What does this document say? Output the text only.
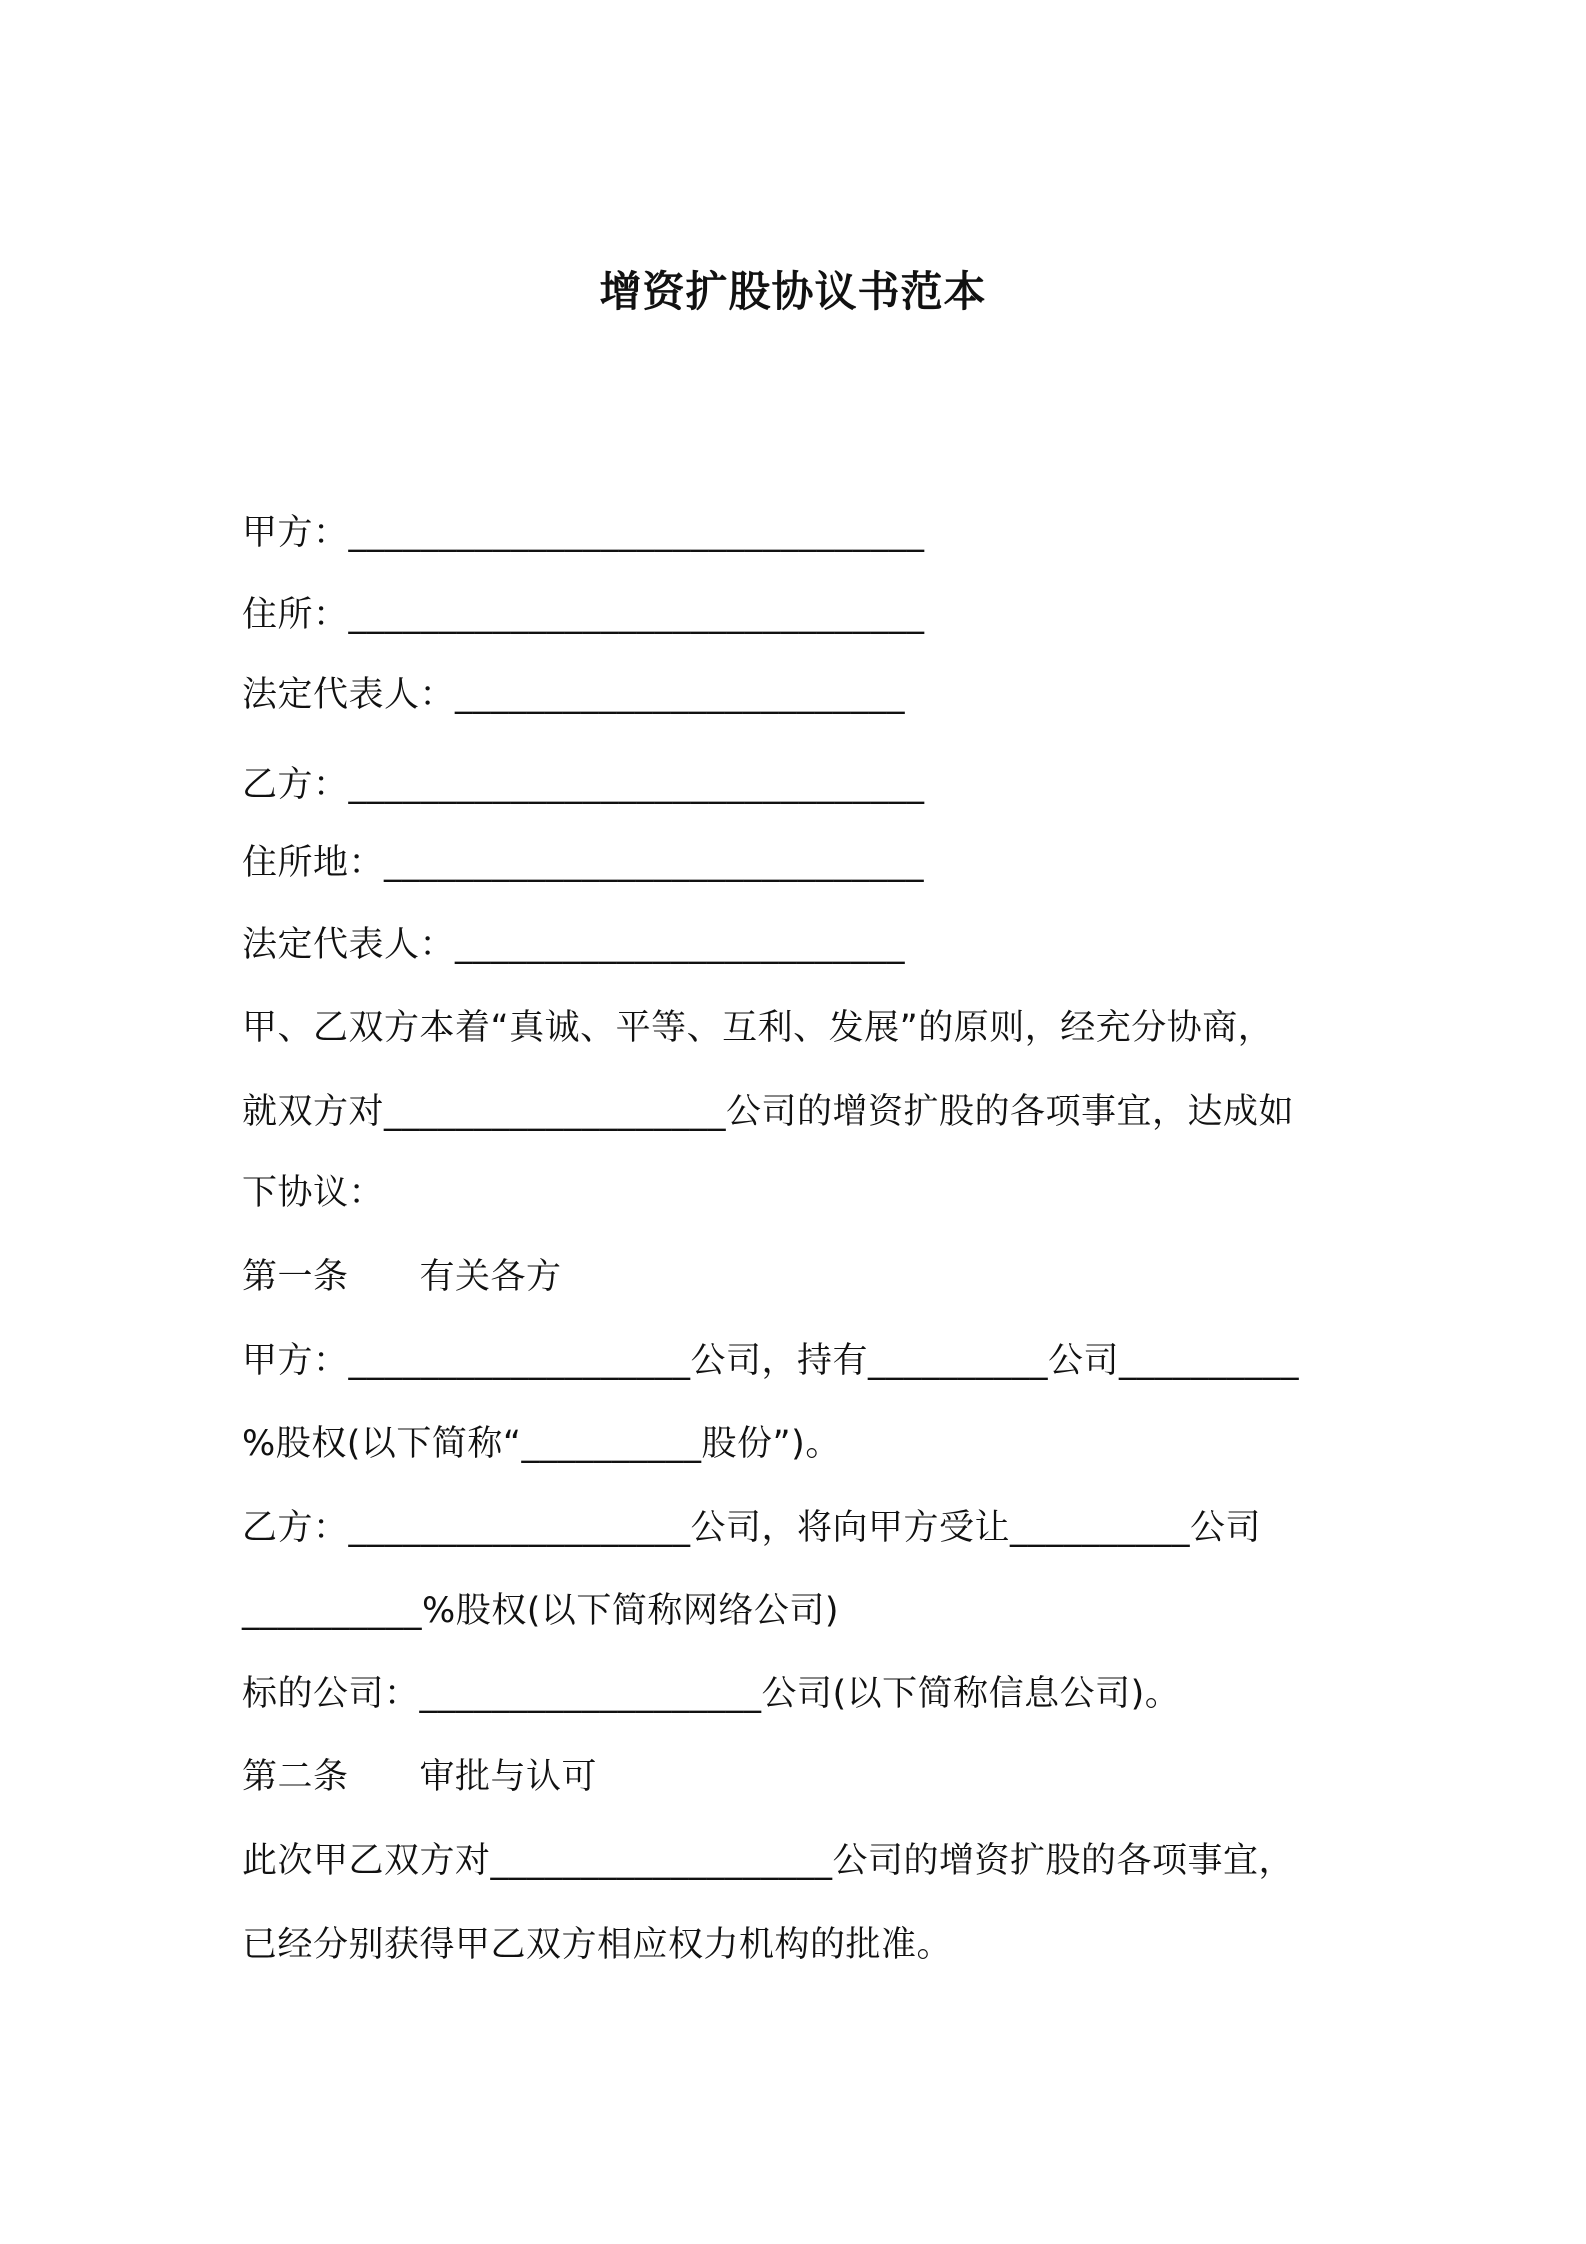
增资扩股协议书范本
甲方：________________________________
住所：________________________________
法定代表人：_________________________
乙方：________________________________
住所地：______________________________
法定代表人：_________________________
甲、乙双方本着“真诚、平等、互利、发展”的原则，经充分协商，
就双方对___________________公司的增资扩股的各项事宜，达成如
下协议：
第一条　　有关各方
甲方：___________________公司，持有__________公司__________
%股权(以下简称“__________股份”)。
乙方：___________________公司，将向甲方受让__________公司
__________%股权(以下简称网络公司)
标的公司：___________________公司(以下简称信息公司)。
第二条　　审批与认可
此次甲乙双方对___________________公司的增资扩股的各项事宜，
已经分别获得甲乙双方相应权力机构的批准。
